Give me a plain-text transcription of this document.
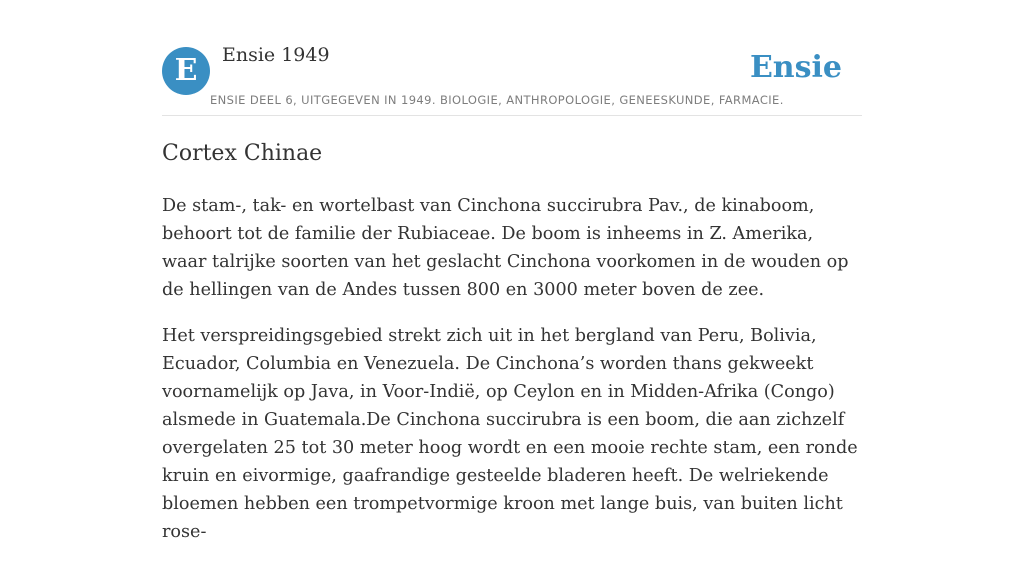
E	Ensie 1949	Ensie
ENSIE DEEL 6, UITGEGEVEN IN 1949. BIOLOGIE, ANTHROPOLOGIE, GENEESKUNDE, FARMACIE.
Cortex Chinae

De stam-, tak- en wortelbast van Cinchona succirubra Pav., de kinaboom, behoort tot de familie der Rubiaceae. De boom is inheems in Z. Amerika, waar talrijke soorten van het geslacht Cinchona voorkomen in de wouden op de hellingen van de Andes tussen 800 en 3000 meter boven de zee.

Het verspreidingsgebied strekt zich uit in het bergland van Peru, Bolivia, Ecuador, Columbia en Venezuela. De Cinchona’s worden thans gekweekt voornamelijk op Java, in Voor-Indië, op Ceylon en in Midden-Afrika (Congo) alsmede in Guatemala.De Cinchona succirubra is een boom, die aan zichzelf overgelaten 25 tot 30 meter hoog wordt en een mooie rechte stam, een ronde kruin en eivormige, gaafrandige gesteelde bladeren heeft. De welriekende bloemen hebben een trompetvormige kroon met lange buis, van buiten licht rose-
